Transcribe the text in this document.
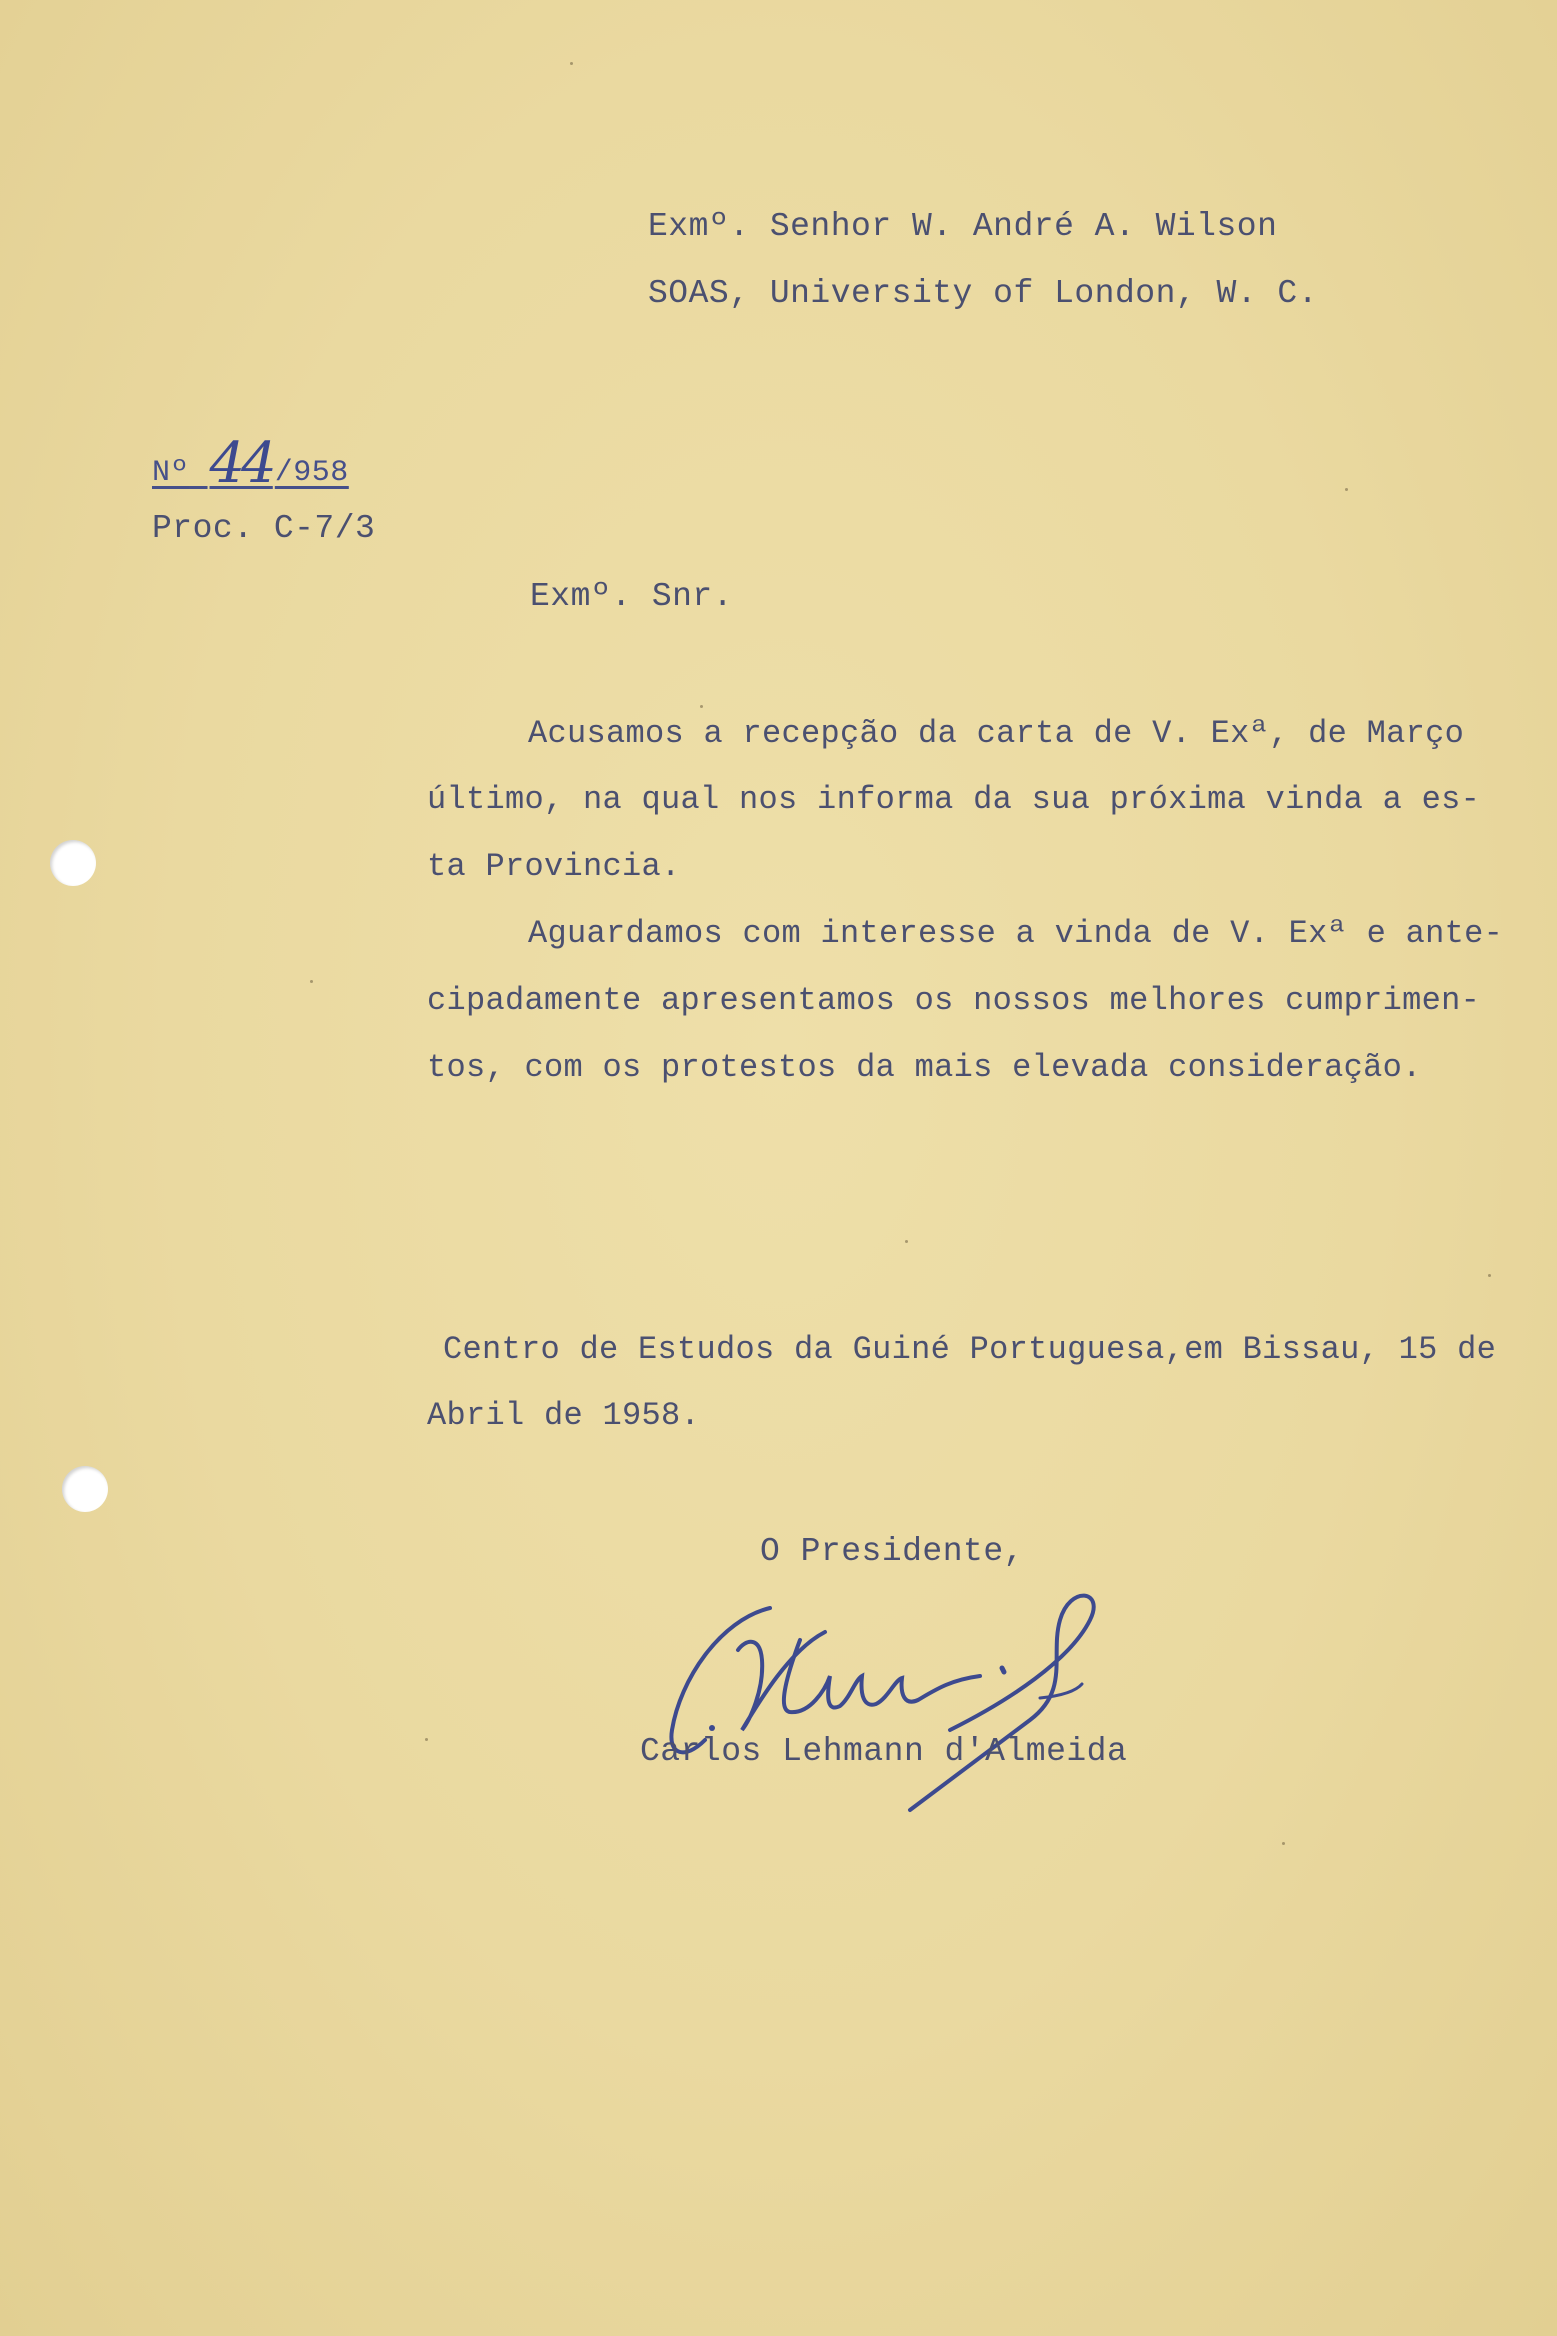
Exmº. Senhor W. André A. Wilson
SOAS, University of London, W. C.
Nº 44/958
Proc. C-7/3
Exmº. Snr.
Acusamos a recepção da carta de V. Exª, de Março
último, na qual nos informa da sua próxima vinda a es-
ta Provincia.
Aguardamos com interesse a vinda de V. Exª e ante-
cipadamente apresentamos os nossos melhores cumprimen-
tos, com os protestos da mais elevada consideração.
Centro de Estudos da Guiné Portuguesa,em Bissau, 15 de
Abril de 1958.
O Presidente,
Carlos Lehmann d'Almeida
